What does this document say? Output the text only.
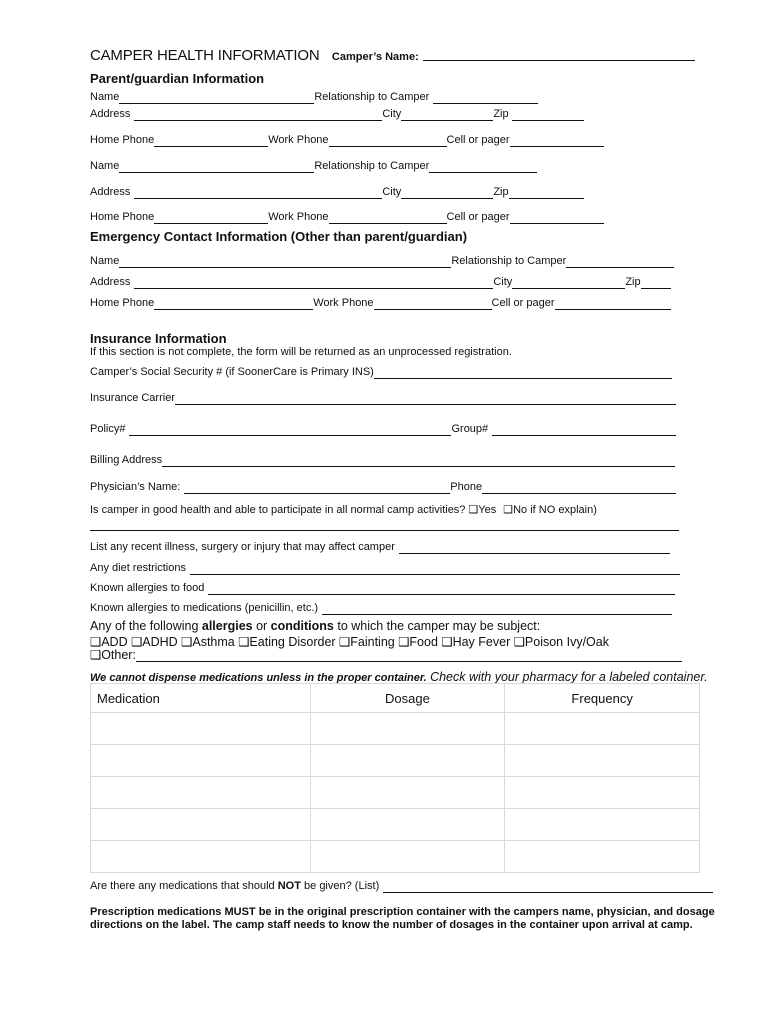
CAMPER HEALTH INFORMATION Camper’s Name:
Parent/guardian Information
Name	Relationship to Camper
Address	City	Zip
Home Phone	Work Phone	Cell or pager
Name	Relationship to Camper
Address	City	Zip
Home Phone	Work Phone	Cell or pager
Emergency Contact Information (Other than parent/guardian)
Name	Relationship to Camper
Address	City	Zip
Home Phone	Work Phone	Cell or pager
Insurance Information
If this section is not complete, the form will be returned as an unprocessed registration.
Camper’s Social Security # (if SoonerCare is Primary INS)
Insurance Carrier
Policy#	Group#
Billing Address
Physician’s Name:	Phone
Is camper in good health and able to participate in all normal camp activities? ❑Yes ❑No if NO explain)
List any recent illness, surgery or injury that may affect camper
Any diet restrictions
Known allergies to food
Known allergies to medications (penicillin, etc.)
Any of the following allergies or conditions to which the camper may be subject:
❑ADD ❑ADHD ❑Asthma ❑Eating Disorder ❑Fainting ❑Food ❑Hay Fever ❑Poison Ivy/Oak
❑Other:
We cannot dispense medications unless in the proper container. Check with your pharmacy for a labeled container.
Medication	Dosage	Frequency

Are there any medications that should NOT be given? (List)
Prescription medications MUST be in the original prescription container with the campers name, physician, and dosage directions on the label. The camp staff needs to know the number of dosages in the container upon arrival at camp.
